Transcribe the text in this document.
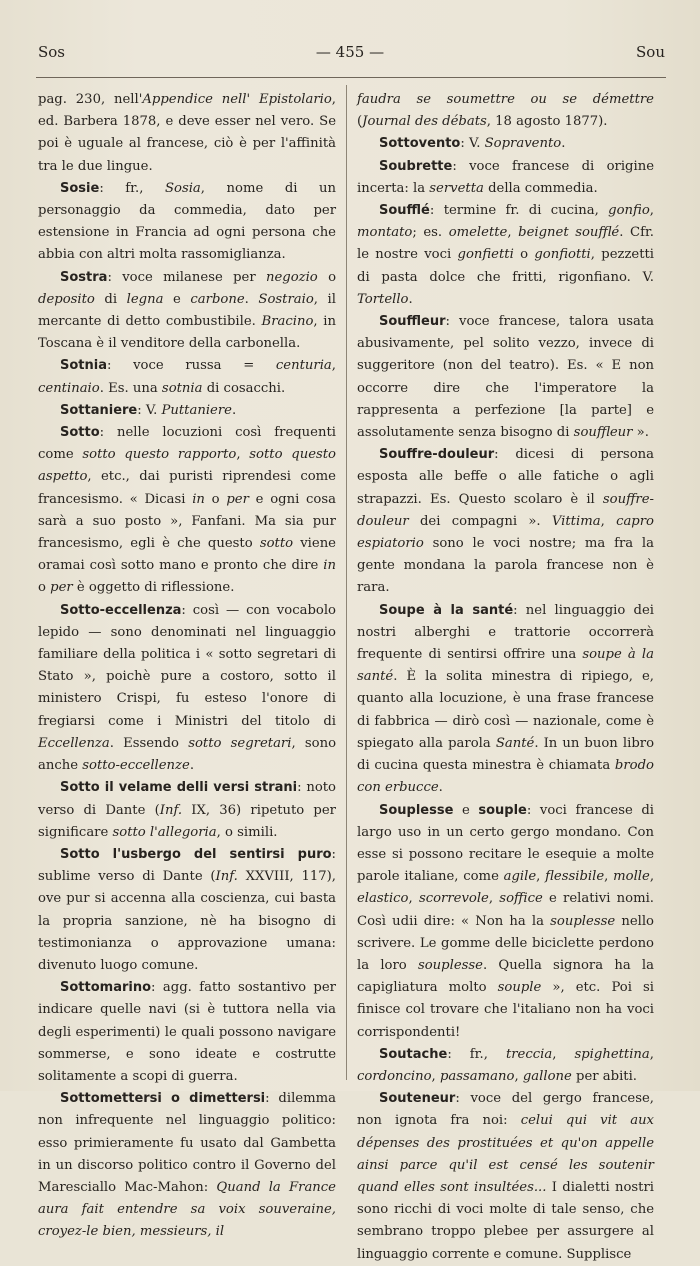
Sos	— 455 —	Sou

pag. 230, nell'Appendice nell' Epistolario, ed. Barbera 1878, e deve esser nel vero. Se poi è uguale al francese, ciò è per l'affinità tra le due lingue.

Sosie: fr., Sosia, nome di un personaggio da commedia, dato per estensione in Francia ad ogni persona che abbia con altri molta rassomiglianza.

Sostra: voce milanese per negozio o deposito di legna e carbone. Sostraio, il mercante di detto combustibile. Bracino, in Toscana è il venditore della carbonella.

Sotnia: voce russa = centuria, centinaio. Es. una sotnia di cosacchi.

Sottaniere: V. Puttaniere.

Sotto: nelle locuzioni così frequenti come sotto questo rapporto, sotto questo aspetto, etc., dai puristi riprendesi come francesismo. « Dicasi in o per e ogni cosa sarà a suo posto », Fanfani. Ma sia pur francesismo, egli è che questo sotto viene oramai così sotto mano e pronto che dire in o per è oggetto di riflessione.

Sotto-eccellenza: così — con vocabolo lepido — sono denominati nel linguaggio familiare della politica i « sotto segretari di Stato », poichè pure a costoro, sotto il ministero Crispi, fu esteso l'onore di fregiarsi come i Ministri del titolo di Eccellenza. Essendo sotto segretari, sono anche sotto-eccellenze.

Sotto il velame delli versi strani: noto verso di Dante (Inf. IX, 36) ripetuto per significare sotto l'allegoria, o simili.

Sotto l'usbergo del sentirsi puro: sublime verso di Dante (Inf. XXVIII, 117), ove pur si accenna alla coscienza, cui basta la propria sanzione, nè ha bisogno di testimonianza o approvazione umana: divenuto luogo comune.

Sottomarino: agg. fatto sostantivo per indicare quelle navi (si è tuttora nella via degli esperimenti) le quali possono navigare sommerse, e sono ideate e costrutte solitamente a scopi di guerra.

Sottomettersi o dimettersi: dilemma non infrequente nel linguaggio politico: esso primieramente fu usato dal Gambetta in un discorso politico contro il Governo del Maresciallo Mac-Mahon: Quand la France aura fait entendre sa voix souveraine, croyez-le bien, messieurs, il

faudra se soumettre ou se démettre (Journal des débats, 18 agosto 1877).

Sottovento: V. Sopravento.

Soubrette: voce francese di origine incerta: la servetta della commedia.

Soufflé: termine fr. di cucina, gonfio, montato; es. omelette, beignet soufflé. Cfr. le nostre voci gonfietti o gonfiotti, pezzetti di pasta dolce che fritti, rigonfiano. V. Tortello.

Souffleur: voce francese, talora usata abusivamente, pel solito vezzo, invece di suggeritore (non del teatro). Es. « E non occorre dire che l'imperatore la rappresenta a perfezione [la parte] e assolutamente senza bisogno di souffleur ».

Souffre-douleur: dicesi di persona esposta alle beffe o alle fatiche o agli strapazzi. Es. Questo scolaro è il souffre-douleur dei compagni ». Vittima, capro espiatorio sono le voci nostre; ma fra la gente mondana la parola francese non è rara.

Soupe à la santé: nel linguaggio dei nostri alberghi e trattorie occorrerà frequente di sentirsi offrire una soupe à la santé. È la solita minestra di ripiego, e, quanto alla locuzione, è una frase francese di fabbrica — dirò così — nazionale, come è spiegato alla parola Santé. In un buon libro di cucina questa minestra è chiamata brodo con erbucce.

Souplesse e souple: voci francese di largo uso in un certo gergo mondano. Con esse si possono recitare le esequie a molte parole italiane, come agile, flessibile, molle, elastico, scorrevole, soffice e relativi nomi. Così udii dire: « Non ha la souplesse nello scrivere. Le gomme delle biciclette perdono la loro souplesse. Quella signora ha la capigliatura molto souple », etc. Poi si finisce col trovare che l'italiano non ha voci corrispondenti!

Soutache: fr., treccia, spighettina, cordoncino, passamano, gallone per abiti.

Souteneur: voce del gergo francese, non ignota fra noi: celui qui vit aux dépenses des prostituées et qu'on appelle ainsi parce qu'il est censé les soutenir quand elles sont insultées... I dialetti nostri sono ricchi di voci molte di tale senso, che sembrano troppo plebee per assurgere al linguaggio corrente e comune. Supplisce
